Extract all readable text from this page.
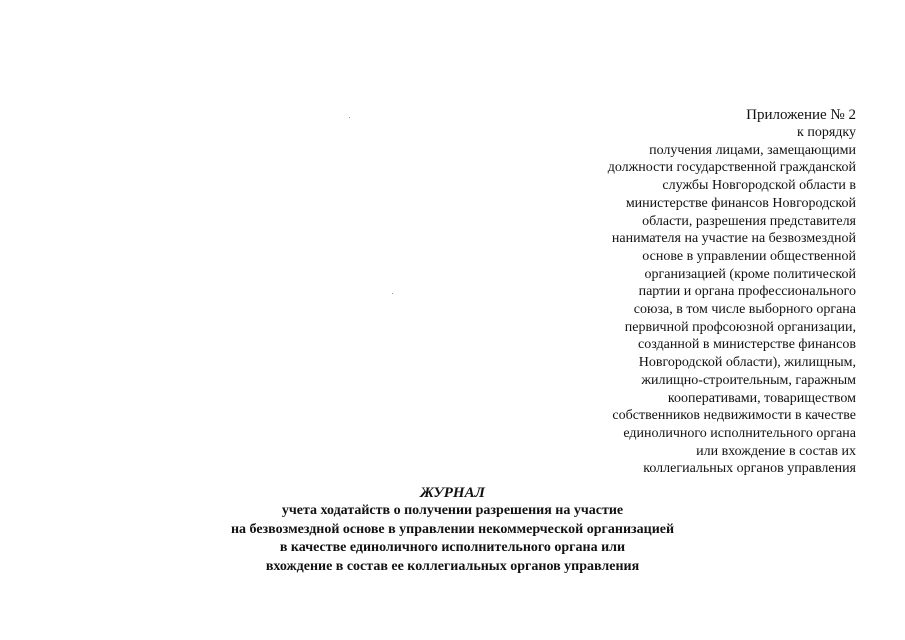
Приложение № 2
к порядку
получения лицами, замещающими
должности государственной гражданской
службы Новгородской области в
министерстве финансов Новгородской
области, разрешения представителя
нанимателя на участие на безвозмездной
основе в управлении общественной
организацией (кроме политической
партии и органа профессионального
союза, в том числе выборного органа
первичной профсоюзной организации,
созданной в министерстве финансов
Новгородской области), жилищным,
жилищно-строительным, гаражным
кооперативами, товариществом
собственников недвижимости в качестве
единоличного исполнительного органа
или вхождение в состав их
коллегиальных органов управления
ЖУРНАЛ
учета ходатайств о получении разрешения на участие
на безвозмездной основе в управлении некоммерческой организацией
в качестве единоличного исполнительного органа или
вхождение в состав ее коллегиальных органов управления
